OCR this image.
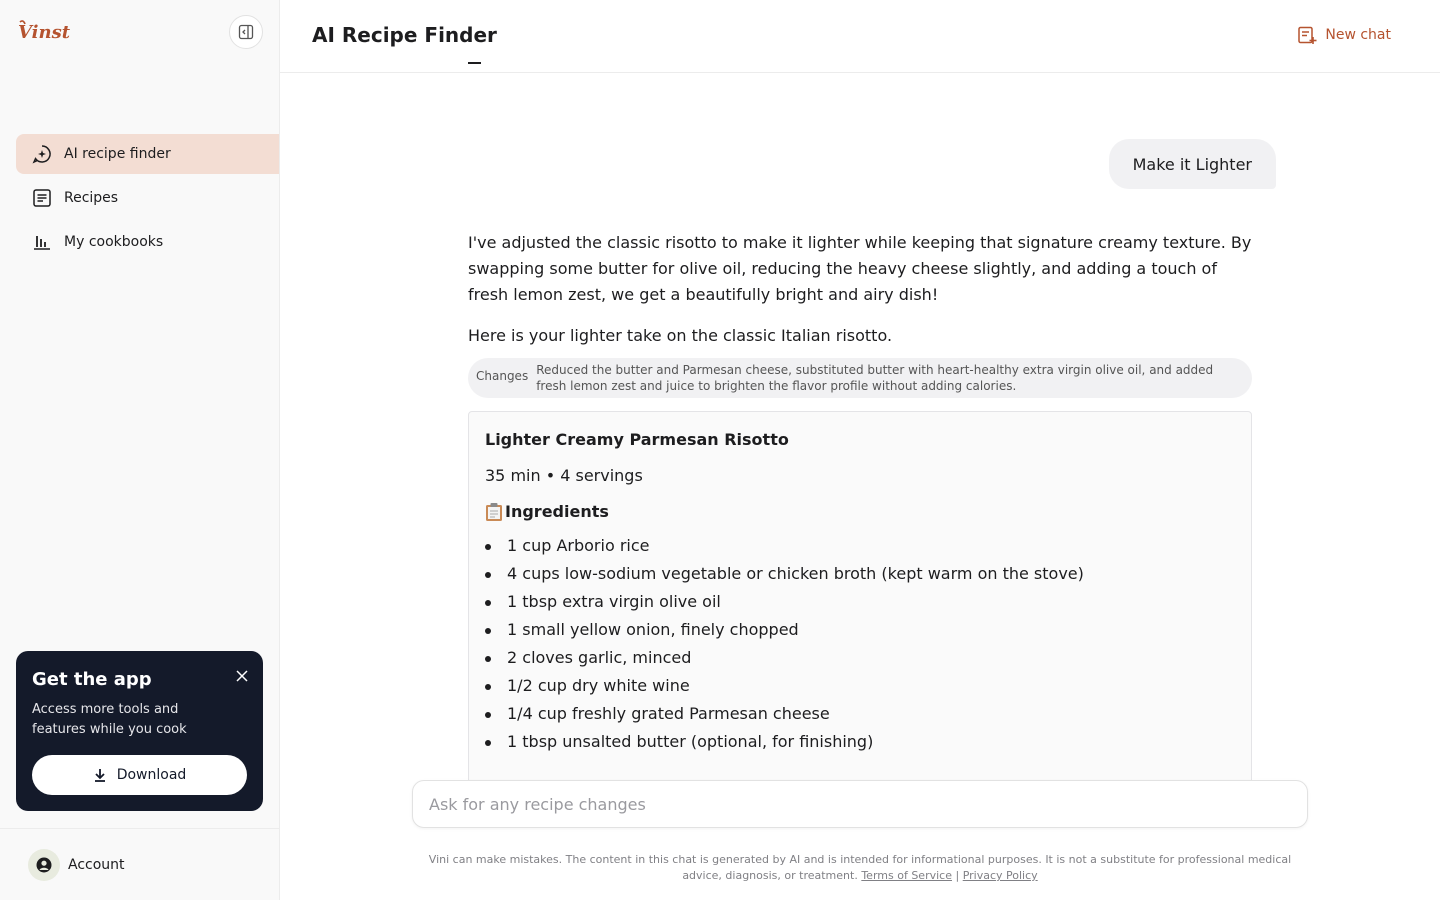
Vinst
AI recipe finder
Recipes
My cookbooks
Get the app
Access more tools and features while you cook
Download
Account
AI Recipe Finder	New chat
Make it Lighter

I've adjusted the classic risotto to make it lighter while keeping that signature creamy texture. By swapping some butter for olive oil, reducing the heavy cheese slightly, and adding a touch of fresh lemon zest, we get a beautifully bright and airy dish!

Here is your lighter take on the classic Italian risotto.

Changes Reduced the butter and Parmesan cheese, substituted butter with heart-healthy extra virgin olive oil, and added fresh lemon zest and juice to brighten the flavor profile without adding calories.
Lighter Creamy Parmesan Risotto
35 min • 4 servings
Ingredients
1 cup Arborio rice
4 cups low-sodium vegetable or chicken broth (kept warm on the stove)
1 tbsp extra virgin olive oil
1 small yellow onion, finely chopped
2 cloves garlic, minced
1/2 cup dry white wine
1/4 cup freshly grated Parmesan cheese
1 tbsp unsalted butter (optional, for finishing)
Ask for any recipe changes
Vini can make mistakes. The content in this chat is generated by AI and is intended for informational purposes. It is not a substitute for professional medical advice, diagnosis, or treatment. Terms of Service | Privacy Policy
